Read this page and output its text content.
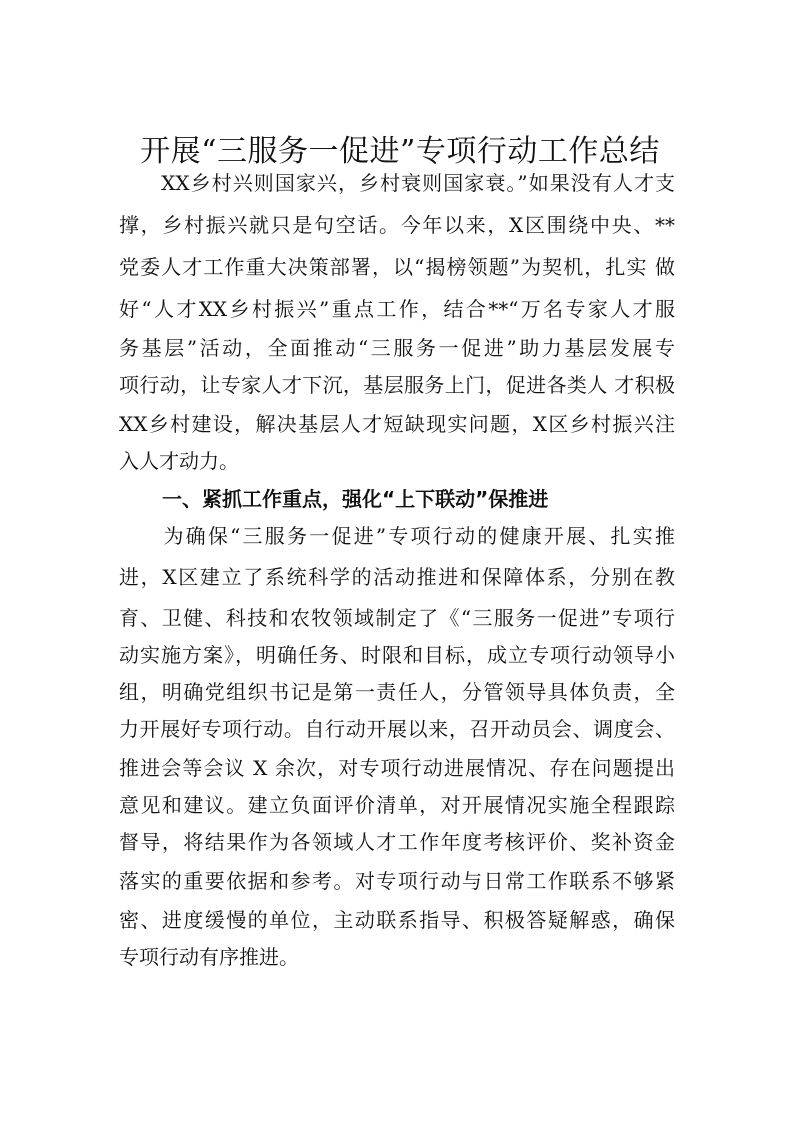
开展“三服务一促进”专项行动工作总结
　　XX乡村兴则国家兴，乡村衰则国家衰。”如果没有人才支
撑，乡村振兴就只是句空话。今年以来，X区围绕中央、**
党委人才工作重大决策部署，以“揭榜领题”为契机，扎实 做
好“人才XX乡村振兴”重点工作，结合**“万名专家人才服
务基层”活动，全面推动“三服务一促进”助力基层发展专
项行动，让专家人才下沉，基层服务上门，促进各类人 才积极
XX乡村建设，解决基层人才短缺现实问题，X区乡村振兴注
入人才动力。
一、紧抓工作重点，强化“上下联动”保推进
　　为确保“三服务一促进”专项行动的健康开展、扎实推
进，X区建立了系统科学的活动推进和保障体系，分别在教
育、卫健、科技和农牧领域制定了《“三服务一促进”专项行
动实施方案》，明确任务、时限和目标，成立专项行动领导小
组，明确党组织书记是第一责任人，分管领导具体负责，全
力开展好专项行动。自行动开展以来，召开动员会、调度会、
推进会等会议 X 余次，对专项行动进展情况、存在问题提出
意见和建议。建立负面评价清单，对开展情况实施全程跟踪
督导，将结果作为各领域人才工作年度考核评价、奖补资金
落实的重要依据和参考。对专项行动与日常工作联系不够紧
密、进度缓慢的单位，主动联系指导、积极答疑解惑，确保
专项行动有序推进。
